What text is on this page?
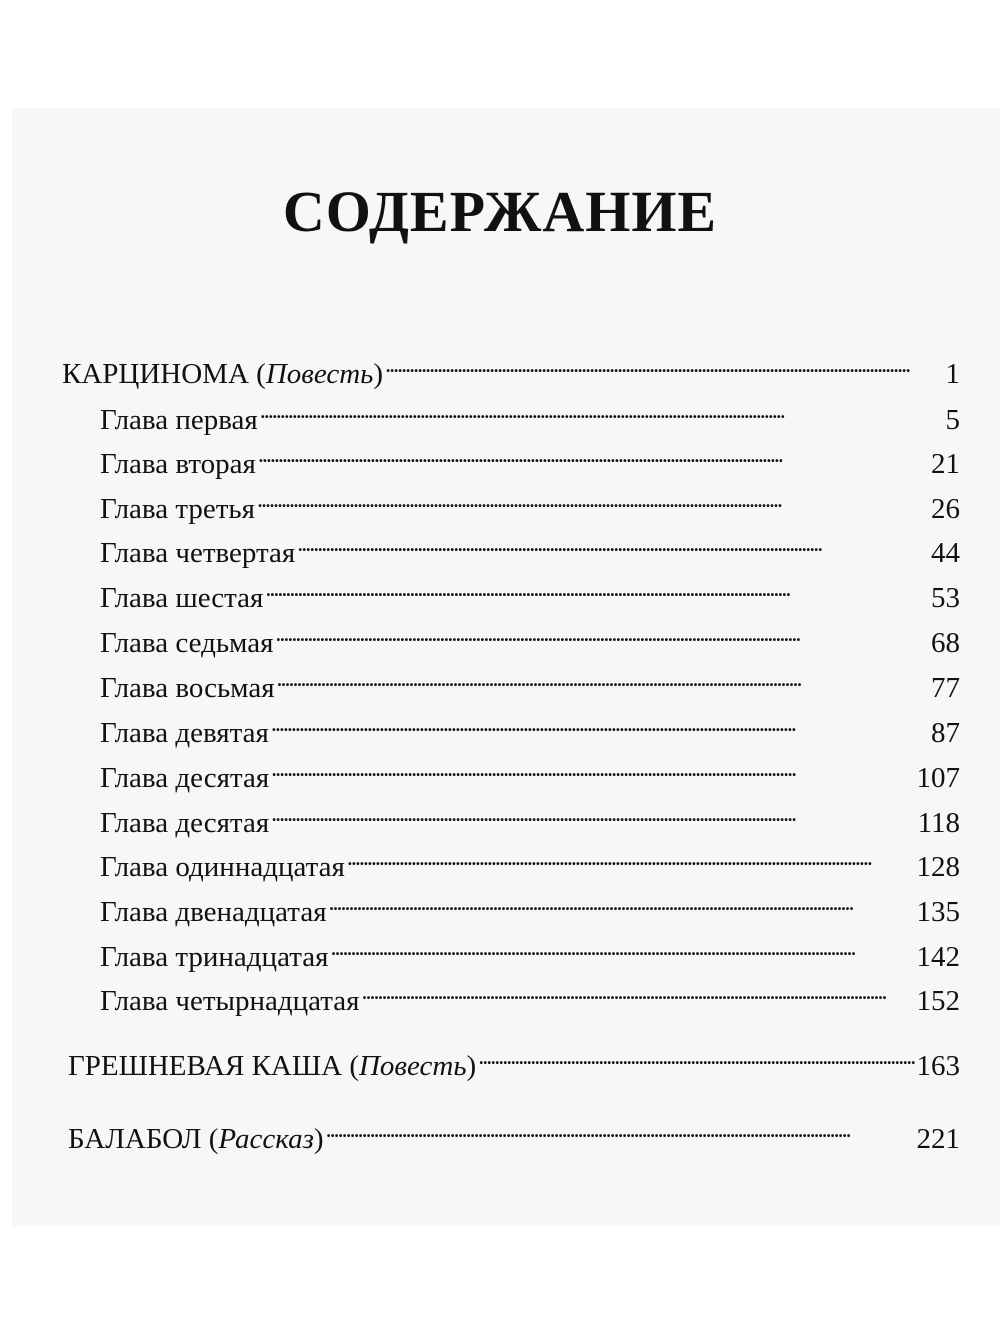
СОДЕРЖАНИЕ
КАРЦИНОМА (Повесть) . . .	1
Глава первая . . .	5
Глава вторая . . .	21
Глава третья . . .	26
Глава четвертая . . .	44
Глава шестая . . .	53
Глава седьмая . . .	68
Глава восьмая . . .	77
Глава девятая . . .	87
Глава десятая . . .	107
Глава десятая . . .	118
Глава одиннадцатая . . .	128
Глава двенадцатая . . .	135
Глава тринадцатая . . .	142
Глава четырнадцатая . . .	152
ГРЕШНЕВАЯ КАША (Повесть) . . .	163
БАЛАБОЛ (Рассказ) . . .	221
